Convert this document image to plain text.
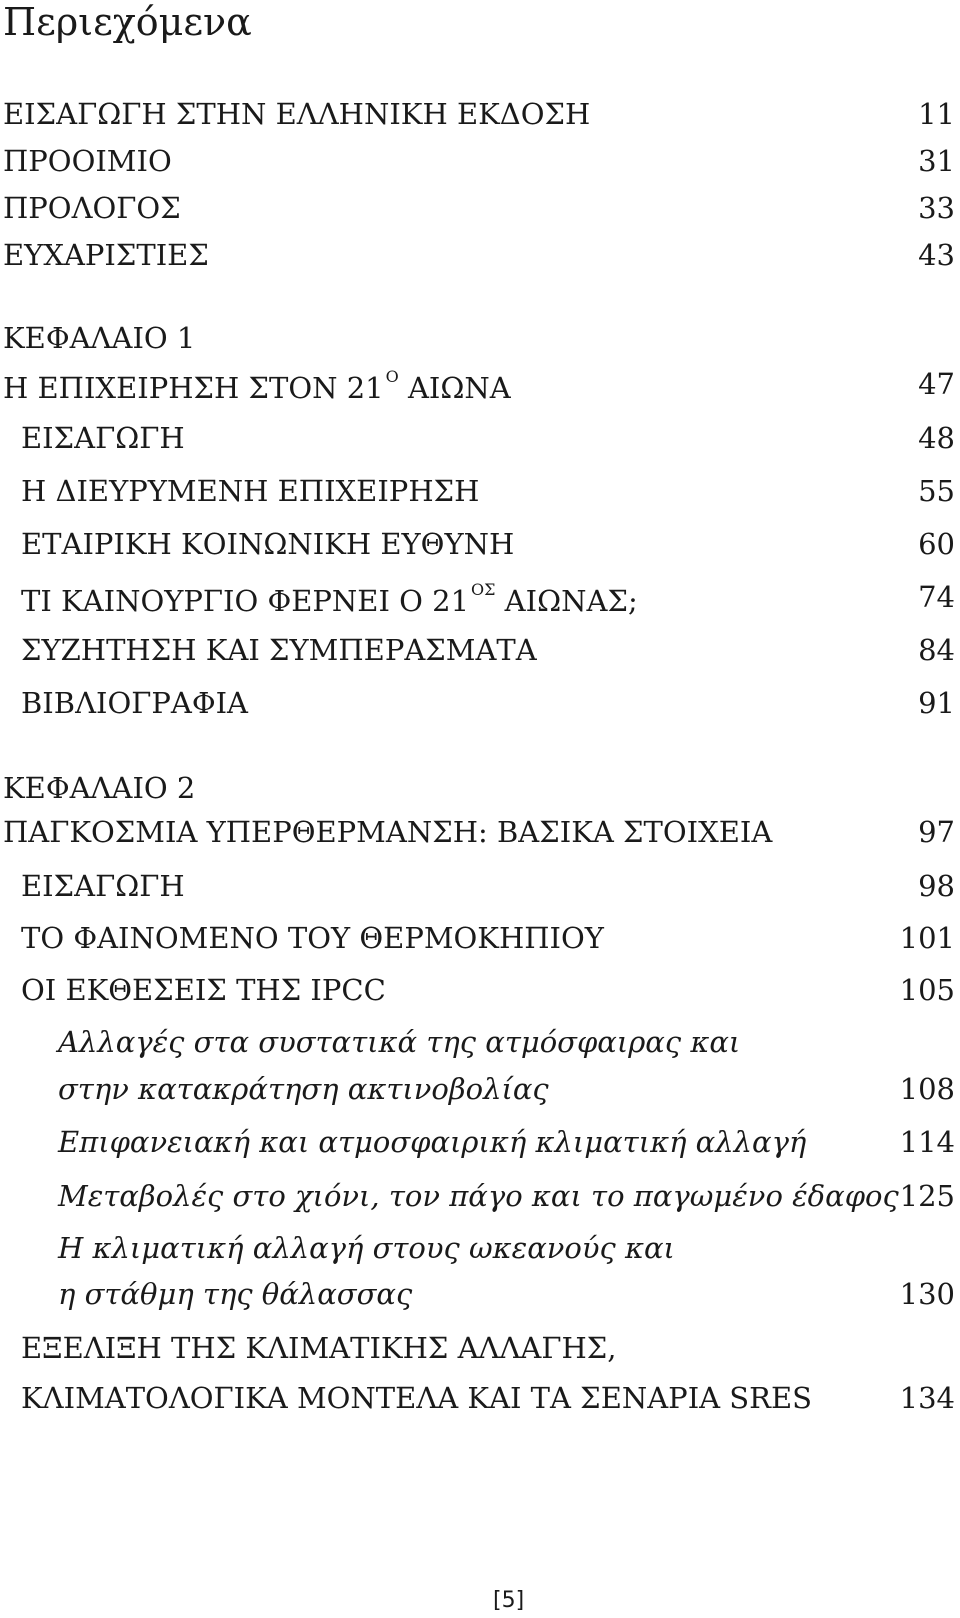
Περιεχόμενα
ΕΙΣΑΓΩΓΗ ΣΤΗΝ ΕΛΛΗΝΙΚΗ ΕΚΔΟΣΗ	11
ΠΡΟΟΙΜΙΟ	31
ΠΡΟΛΟΓΟΣ	33
ΕΥΧΑΡΙΣΤΙΕΣ	43
ΚΕΦΑΛΑΙΟ 1
Η ΕΠΙΧΕΙΡΗΣΗ ΣΤΟΝ 21 $^O$ ΑΙΩΝΑ	47
ΕΙΣΑΓΩΓΗ	48
Η ΔΙΕΥΡΥΜΕΝΗ ΕΠΙΧΕΙΡΗΣΗ	55
ΕΤΑΙΡΙΚΗ ΚΟΙΝΩΝΙΚΗ ΕΥΘΥΝΗ	60
ΤΙ ΚΑΙΝΟΥΡΓΙΟ ΦΕΡΝΕΙ Ο 21 $^{O\Sigma}$ ΑΙΩΝΑΣ;	74
ΣΥΖΗΤΗΣΗ ΚΑΙ ΣΥΜΠΕΡΑΣΜΑΤΑ	84
ΒΙΒΛΙΟΓΡΑΦΙΑ	91
ΚΕΦΑΛΑΙΟ 2
ΠΑΓΚΟΣΜΙΑ ΥΠΕΡΘΕΡΜΑΝΣΗ: ΒΑΣΙΚΑ ΣΤΟΙΧΕΙΑ	97
ΕΙΣΑΓΩΓΗ	98
ΤΟ ΦΑΙΝΟΜΕΝΟ ΤΟΥ ΘΕΡΜΟΚΗΠΙΟΥ	101
ΟΙ ΕΚΘΕΣΕΙΣ ΤΗΣ IPCC	105
Αλλαγές στα συστατικά της ατμόσφαιρας και
στην κατακράτηση ακτινοβολίας	108
Επιφανειακή και ατμοσφαιρική κλιματική αλλαγή	114
Μεταβολές στο χιόνι, τον πάγο και το παγωμένο έδαφος 125
Η κλιματική αλλαγή στους ωκεανούς και
η στάθμη της θάλασσας	130
ΕΞΕΛΙΞΗ ΤΗΣ ΚΛΙΜΑΤΙΚΗΣ ΑΛΛΑΓΗΣ,
ΚΛΙΜΑΤΟΛΟΓΙΚΑ ΜΟΝΤΕΛΑ ΚΑΙ ΤΑ ΣΕΝΑΡΙΑ SRES	134
[5]
